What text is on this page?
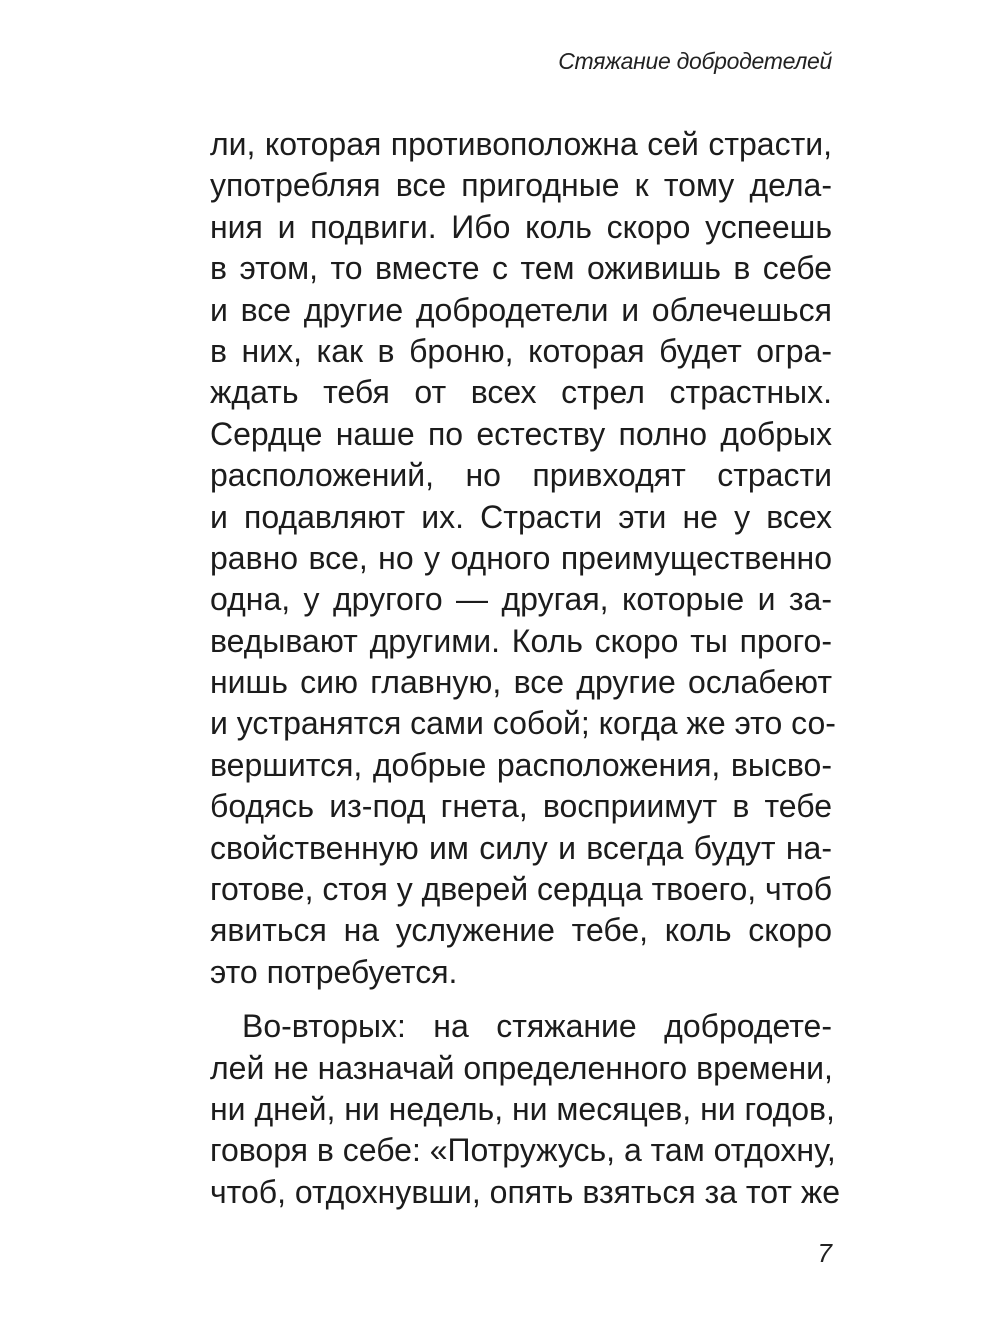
Стяжание добродетелей
ли, которая противоположна сей страсти,
употребляя все пригодные к тому дела-
ния и подвиги. Ибо коль скоро успеешь
в этом, то вместе с тем оживишь в себе
и все другие добродетели и облечешься
в них, как в броню, которая будет огра-
ждать тебя от всех стрел страстных.
Сердце наше по естеству полно добрых
расположений, но привходят страсти
и подавляют их. Страсти эти не у всех
равно все, но у одного преимущественно
одна, у другого — другая, которые и за-
ведывают другими. Коль скоро ты прого-
нишь сию главную, все другие ослабеют
и устранятся сами собой; когда же это со-
вершится, добрые расположения, высво-
бодясь из-под гнета, восприимут в тебе
свойственную им силу и всегда будут на-
готове, стоя у дверей сердца твоего, чтоб
явиться на услужение тебе, коль скоро
это потребуется.
Во-вторых: на стяжание добродете-
лей не назначай определенного времени,
ни дней, ни недель, ни месяцев, ни годов,
говоря в себе: «Потружусь, а там отдохну,
чтоб, отдохнувши, опять взяться за тот же
7
